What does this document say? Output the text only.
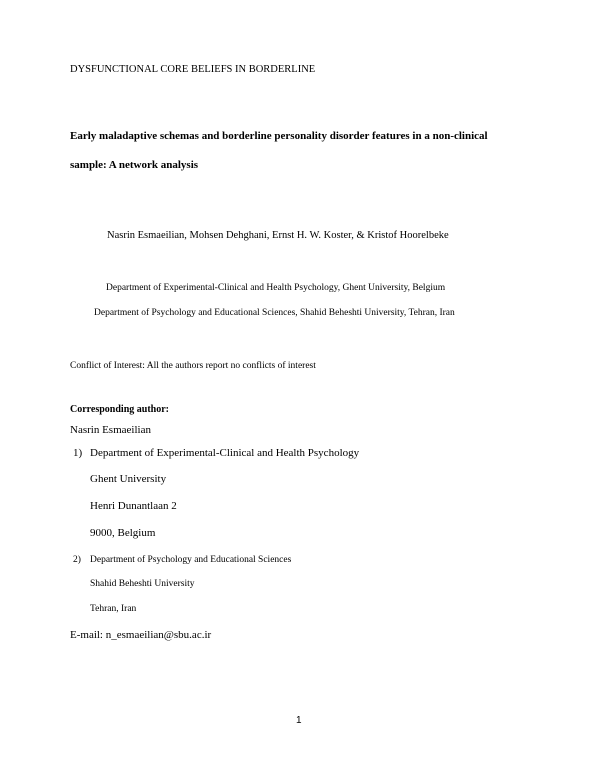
DYSFUNCTIONAL CORE BELIEFS IN BORDERLINE
Early maladaptive schemas and borderline personality disorder features in a non-clinical
sample: A network analysis
Nasrin Esmaeilian, Mohsen Dehghani, Ernst H. W. Koster, & Kristof Hoorelbeke
Department of Experimental-Clinical and Health Psychology, Ghent University, Belgium
Department of Psychology and Educational Sciences, Shahid Beheshti University, Tehran, Iran
Conflict of Interest: All the authors report no conflicts of interest
Corresponding author:
Nasrin Esmaeilian
1) Department of Experimental-Clinical and Health Psychology
Ghent University
Henri Dunantlaan 2
9000, Belgium
2) Department of Psychology and Educational Sciences
Shahid Beheshti University
Tehran, Iran
E-mail: n_esmaeilian@sbu.ac.ir
1
